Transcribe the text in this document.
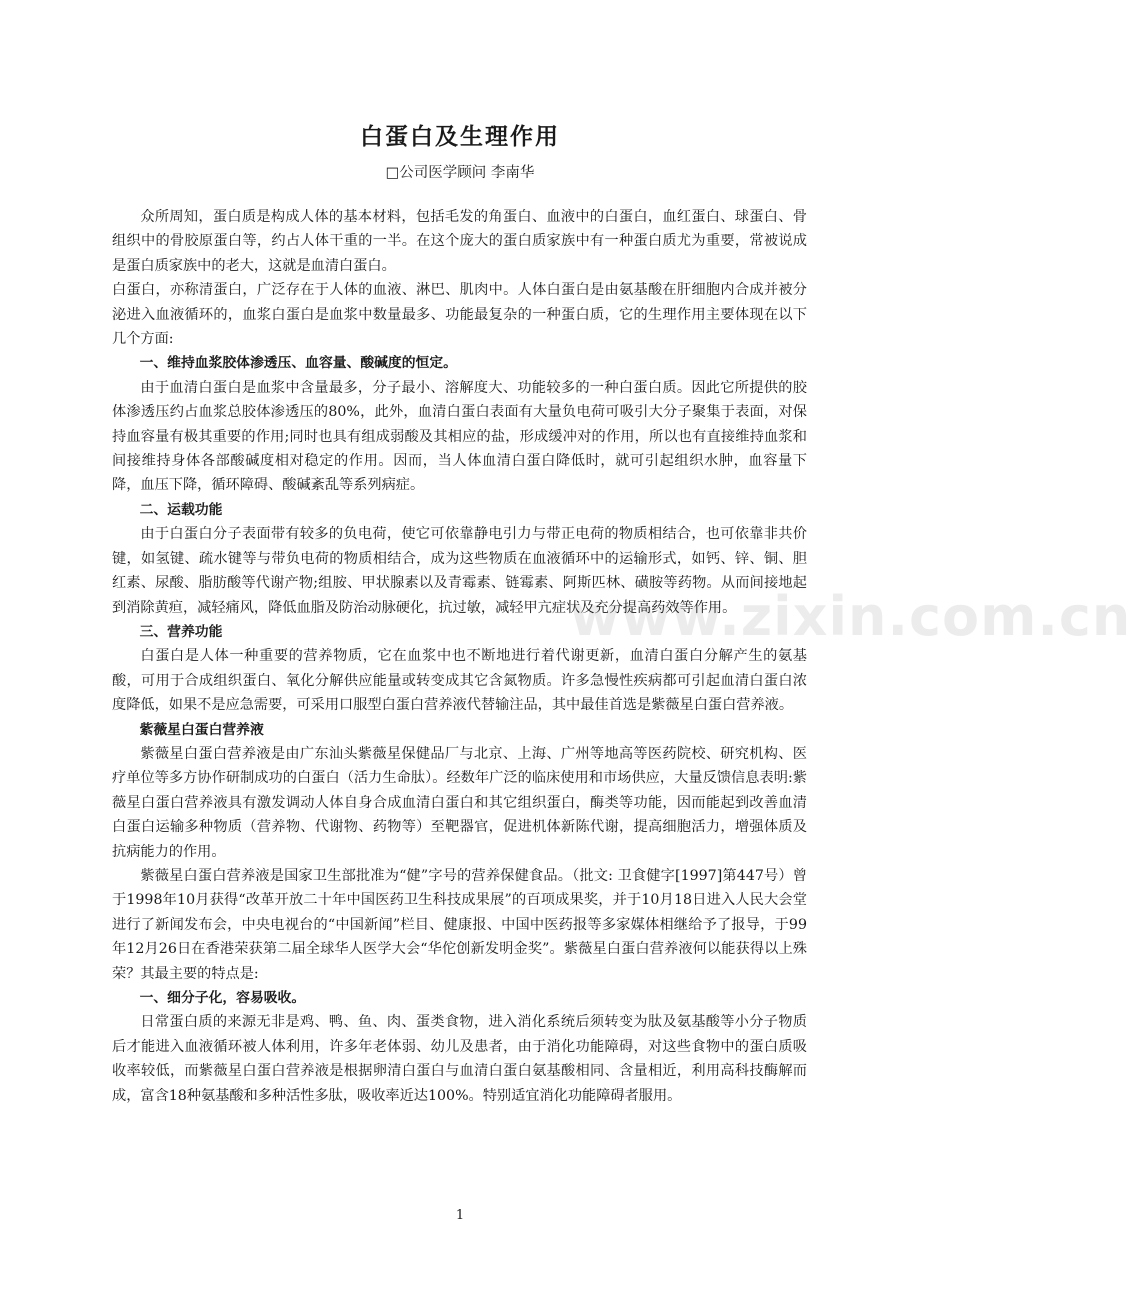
www.zixin.com.cn
白蛋白及生理作用
□公司医学顾问 李南华

众所周知，蛋白质是构成人体的基本材料，包括毛发的角蛋白、血液中的白蛋白，血红蛋白、球蛋白、骨组织中的骨胶原蛋白等，约占人体干重的一半。在这个庞大的蛋白质家族中有一种蛋白质尤为重要，常被说成是蛋白质家族中的老大，这就是血清白蛋白。

白蛋白，亦称清蛋白，广泛存在于人体的血液、淋巴、肌肉中。人体白蛋白是由氨基酸在肝细胞内合成并被分泌进入血液循环的，血浆白蛋白是血浆中数量最多、功能最复杂的一种蛋白质，它的生理作用主要体现在以下几个方面:

一、维持血浆胶体渗透压、血容量、酸碱度的恒定。

由于血清白蛋白是血浆中含量最多，分子最小、溶解度大、功能较多的一种白蛋白质。因此它所提供的胶体渗透压约占血浆总胶体渗透压的80%，此外，血清白蛋白表面有大量负电荷可吸引大分子聚集于表面，对保持血容量有极其重要的作用;同时也具有组成弱酸及其相应的盐，形成缓冲对的作用，所以也有直接维持血浆和间接维持身体各部酸碱度相对稳定的作用。因而，当人体血清白蛋白降低时，就可引起组织水肿，血容量下降，血压下降，循环障碍、酸碱紊乱等系列病症。

二、运载功能

由于白蛋白分子表面带有较多的负电荷，使它可依靠静电引力与带正电荷的物质相结合，也可依靠非共价键，如氢键、疏水键等与带负电荷的物质相结合，成为这些物质在血液循环中的运输形式，如钙、锌、铜、胆红素、尿酸、脂肪酸等代谢产物;组胺、甲状腺素以及青霉素、链霉素、阿斯匹林、磺胺等药物。从而间接地起到消除黄疸，减轻痛风，降低血脂及防治动脉硬化，抗过敏，减轻甲亢症状及充分提高药效等作用。

三、营养功能

白蛋白是人体一种重要的营养物质，它在血浆中也不断地进行着代谢更新，血清白蛋白分解产生的氨基酸，可用于合成组织蛋白、氧化分解供应能量或转变成其它含氮物质。许多急慢性疾病都可引起血清白蛋白浓度降低，如果不是应急需要，可采用口服型白蛋白营养液代替输注品，其中最佳首选是紫薇星白蛋白营养液。

紫薇星白蛋白营养液

紫薇星白蛋白营养液是由广东汕头紫薇星保健品厂与北京、上海、广州等地高等医药院校、研究机构、医疗单位等多方协作研制成功的白蛋白（活力生命肽）。经数年广泛的临床使用和市场供应，大量反馈信息表明:紫薇星白蛋白营养液具有激发调动人体自身合成血清白蛋白和其它组织蛋白，酶类等功能，因而能起到改善血清白蛋白运输多种物质（营养物、代谢物、药物等）至靶器官，促进机体新陈代谢，提高细胞活力，增强体质及抗病能力的作用。

紫薇星白蛋白营养液是国家卫生部批准为“健”字号的营养保健食品。（批文: 卫食健字[1997]第447号）曾于1998年10月获得“改革开放二十年中国医药卫生科技成果展”的百项成果奖，并于10月18日进入人民大会堂进行了新闻发布会，中央电视台的“中国新闻”栏目、健康报、中国中医药报等多家媒体相继给予了报导，于99年12月26日在香港荣获第二届全球华人医学大会“华佗创新发明金奖”。紫薇星白蛋白营养液何以能获得以上殊荣？其最主要的特点是:

一、细分子化，容易吸收。

日常蛋白质的来源无非是鸡、鸭、鱼、肉、蛋类食物，进入消化系统后须转变为肽及氨基酸等小分子物质后才能进入血液循环被人体利用，许多年老体弱、幼儿及患者，由于消化功能障碍，对这些食物中的蛋白质吸收率较低，而紫薇星白蛋白营养液是根据卵清白蛋白与血清白蛋白氨基酸相同、含量相近，利用高科技酶解而成，富含18种氨基酸和多种活性多肽，吸收率近达100%。特别适宜消化功能障碍者服用。

1
